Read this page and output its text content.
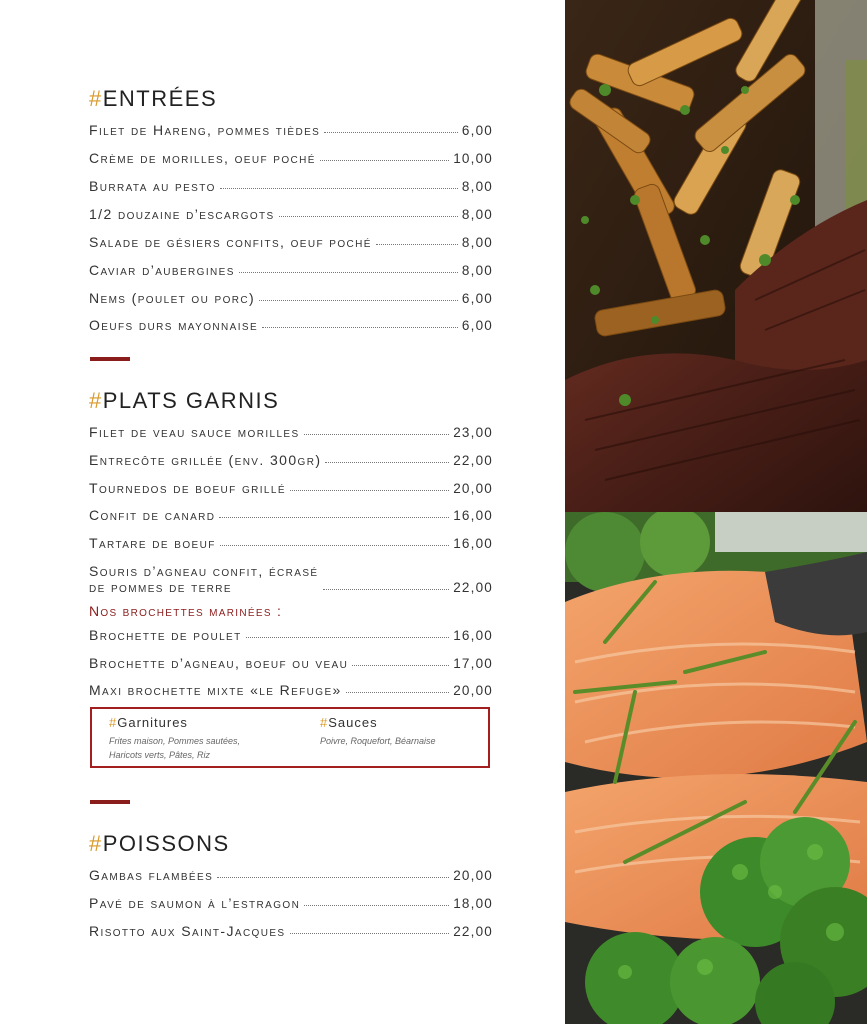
#ENTRÉES
Filet de Hareng, pommes tièdes	6,00
Crème de morilles, oeuf poché	10,00
Burrata au pesto	8,00
1/2 douzaine d’escargots	8,00
Salade de gésiers confits, oeuf poché	8,00
Caviar d’aubergines	8,00
Nems (poulet ou porc)	6,00
Oeufs durs mayonnaise	6,00
#PLATS GARNIS
Filet de veau sauce morilles	23,00
Entrecôte grillée (env. 300gr)	22,00
Tournedos de boeuf grillé	20,00
Confit de canard	16,00
Tartare de boeuf	16,00
Souris d’agneau confit, écrasé de pommes de terre	22,00
Nos brochettes marinées :
Brochette de poulet	16,00
Brochette d’agneau, boeuf ou veau	17,00
Maxi brochette mixte «le Refuge»	20,00
#Garnitures
Frites maison, Pommes sautées, Haricots verts, Pâtes, Riz
#Sauces
Poivre, Roquefort, Béarnaise
#POISSONS
Gambas flambées	20,00
Pavé de saumon à l’estragon	18,00
Risotto aux Saint-Jacques	22,00
